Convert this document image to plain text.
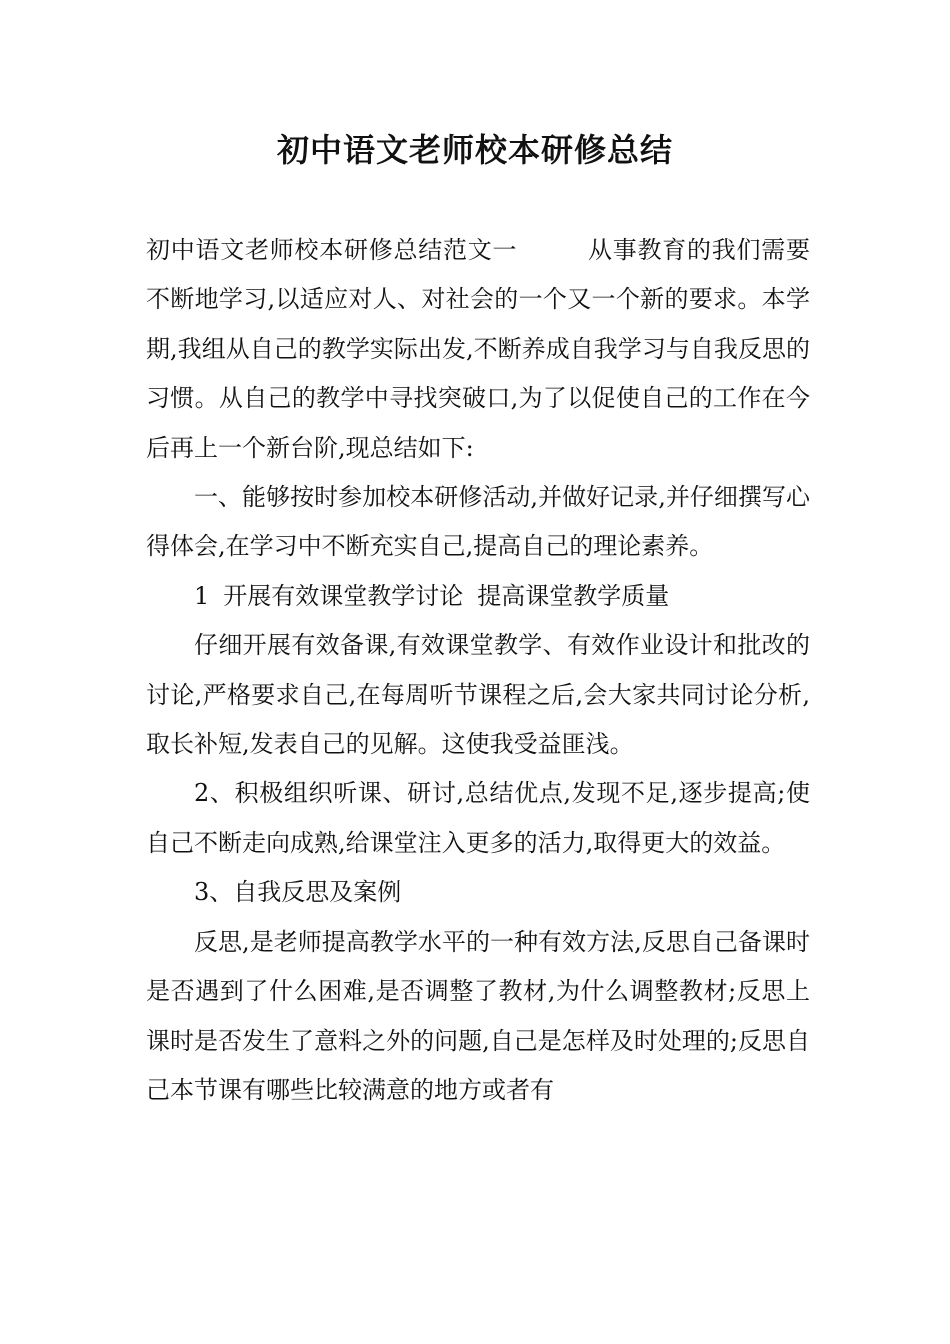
初中语文老师校本研修总结

初中语文老师校本研修总结范文一	从事教育的我们需要不断地学习,以适应对人、对社会的一个又一个新的要求。本学期,我组从自己的教学实际出发,不断养成自我学习与自我反思的习惯。从自己的教学中寻找突破口,为了以促使自己的工作在今后再上一个新台阶,现总结如下:

一、能够按时参加校本研修活动,并做好记录,并仔细撰写心得体会,在学习中不断充实自己,提高自己的理论素养。

1 开展有效课堂教学讨论 提高课堂教学质量

仔细开展有效备课,有效课堂教学、有效作业设计和批改的讨论,严格要求自己,在每周听节课程之后,会大家共同讨论分析,取长补短,发表自己的见解。这使我受益匪浅。

2、积极组织听课、研讨,总结优点,发现不足,逐步提高;使自己不断走向成熟,给课堂注入更多的活力,取得更大的效益。

3、自我反思及案例

反思,是老师提高教学水平的一种有效方法,反思自己备课时是否遇到了什么困难,是否调整了教材,为什么调整教材;反思上课时是否发生了意料之外的问题,自己是怎样及时处理的;反思自己本节课有哪些比较满意的地方或者有
